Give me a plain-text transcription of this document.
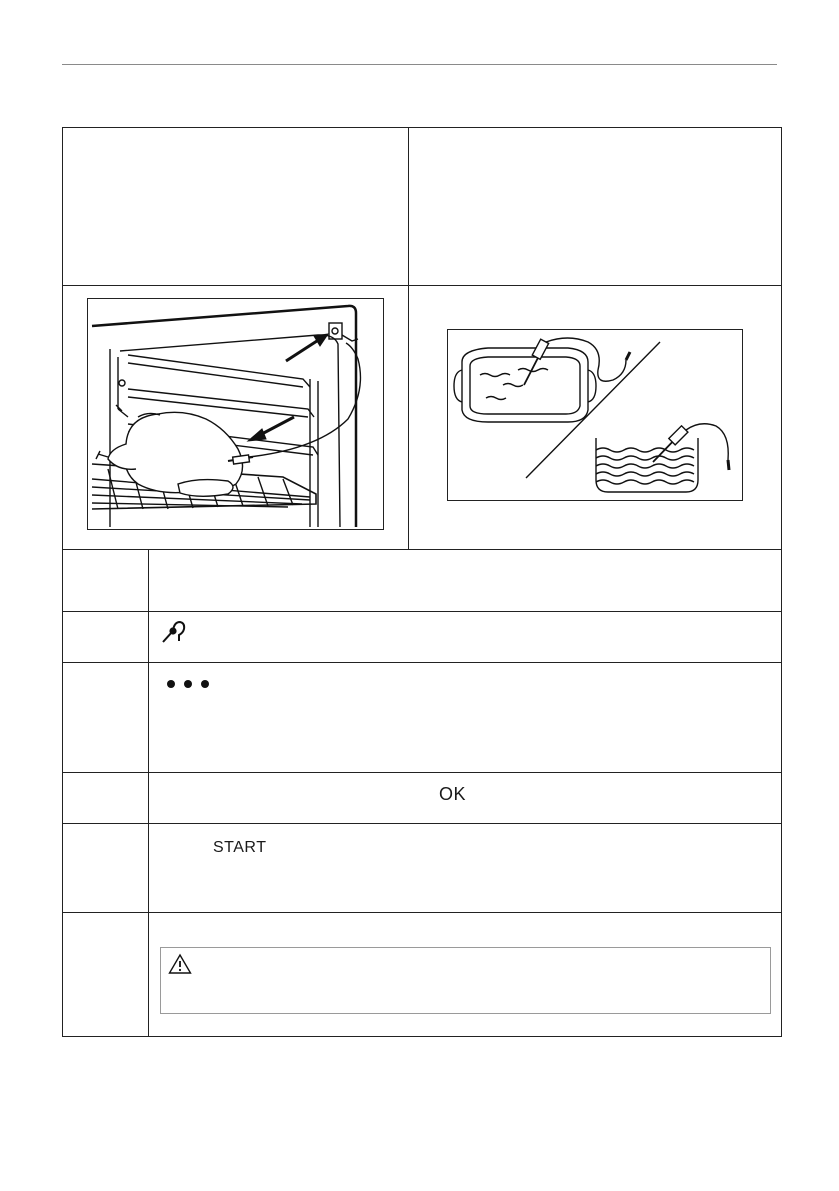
OK
START
